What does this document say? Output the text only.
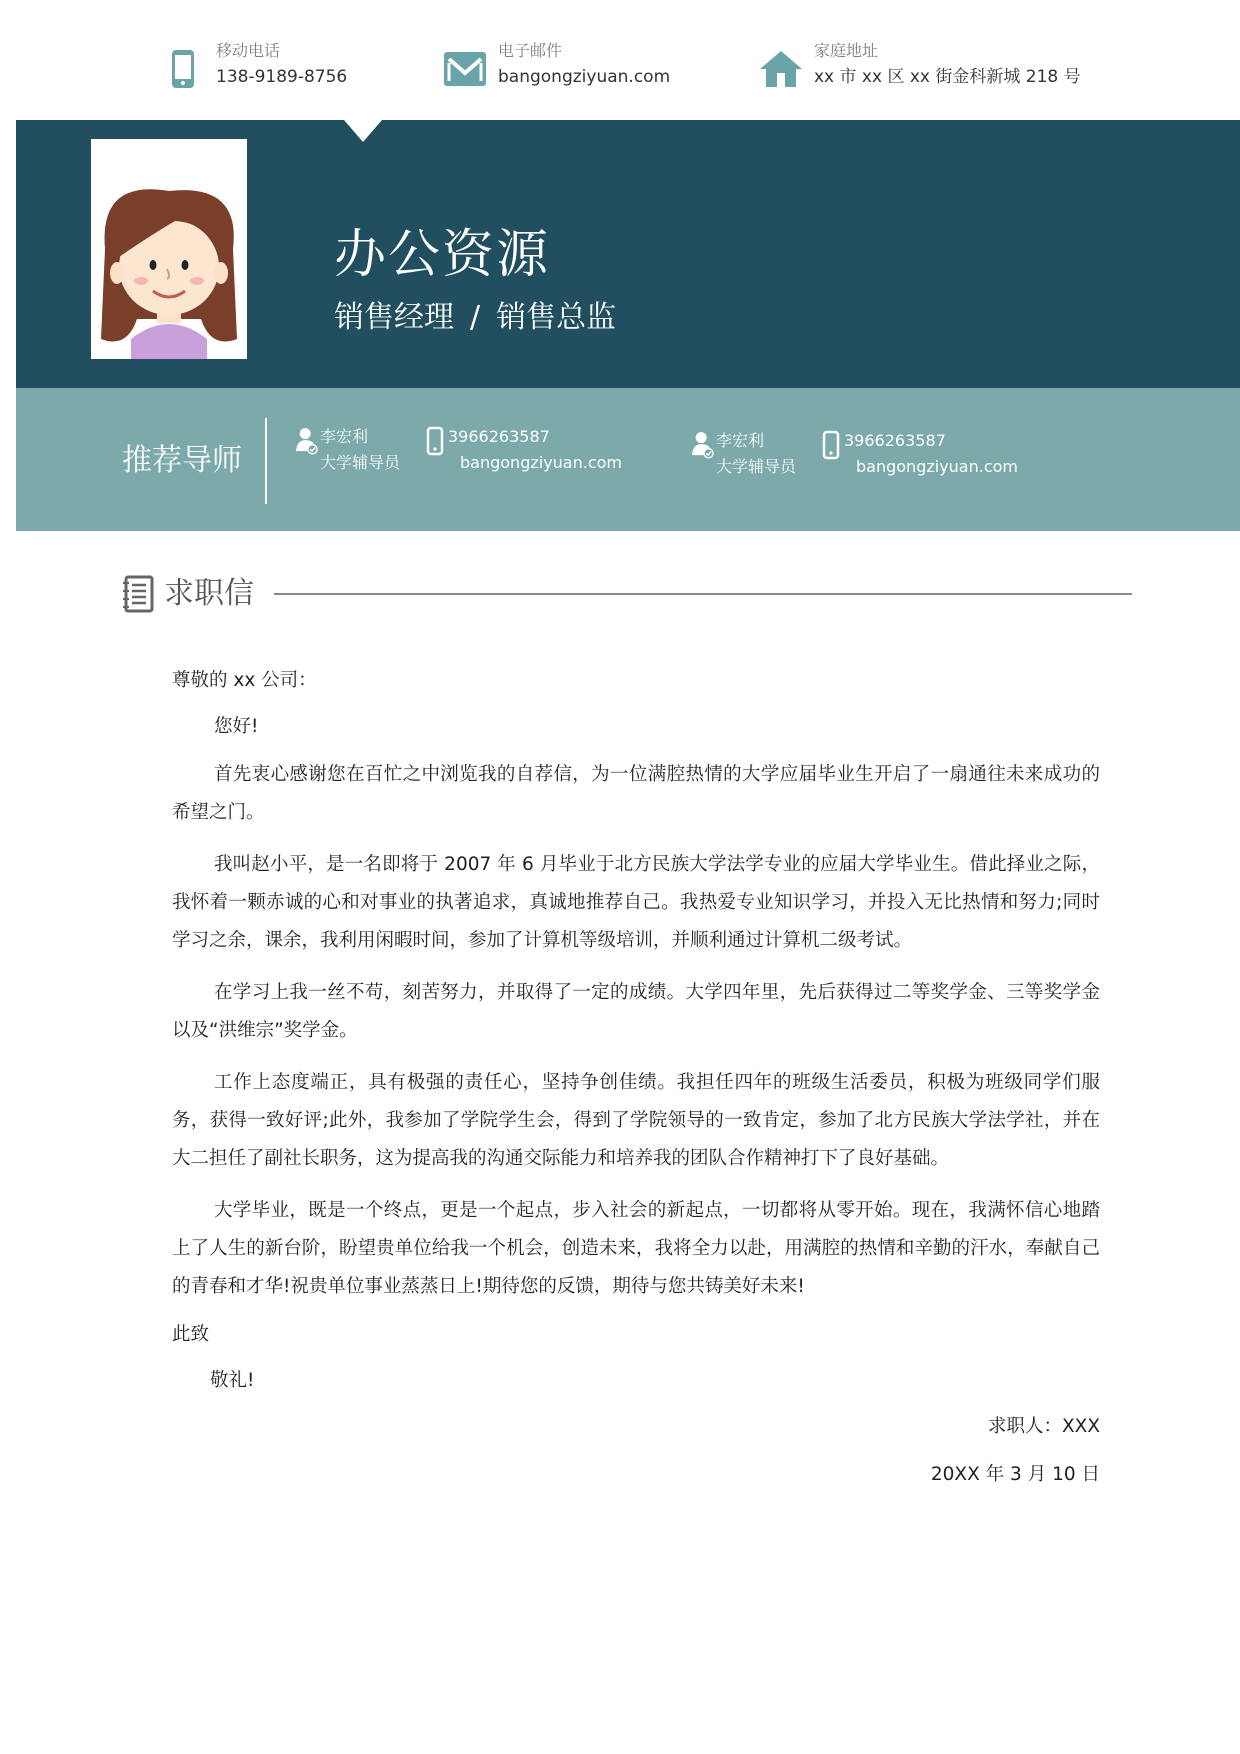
移动电话
138-9189-8756
电子邮件
bangongziyuan.com
家庭地址
xx 市 xx 区 xx 街金科新城 218 号
办公资源
销售经理 / 销售总监
推荐导师
李宏利
大学辅导员
3966263587
bangongziyuan.com
李宏利
大学辅导员
3966263587
bangongziyuan.com
求职信
尊敬的 xx 公司：
您好!
首先衷心感谢您在百忙之中浏览我的自荐信，为一位满腔热情的大学应届毕业生开启了一扇通往未来成功的希望之门。
我叫赵小平，是一名即将于 2007 年 6 月毕业于北方民族大学法学专业的应届大学毕业生。借此择业之际，我怀着一颗赤诚的心和对事业的执著追求，真诚地推荐自己。我热爱专业知识学习，并投入无比热情和努力;同时学习之余，课余，我利用闲暇时间，参加了计算机等级培训，并顺利通过计算机二级考试。
在学习上我一丝不苟，刻苦努力，并取得了一定的成绩。大学四年里，先后获得过二等奖学金、三等奖学金以及“洪维宗”奖学金。
工作上态度端正，具有极强的责任心，坚持争创佳绩。我担任四年的班级生活委员，积极为班级同学们服务，获得一致好评;此外，我参加了学院学生会，得到了学院领导的一致肯定，参加了北方民族大学法学社，并在大二担任了副社长职务，这为提高我的沟通交际能力和培养我的团队合作精神打下了良好基础。
大学毕业，既是一个终点，更是一个起点，步入社会的新起点，一切都将从零开始。现在，我满怀信心地踏上了人生的新台阶，盼望贵单位给我一个机会，创造未来，我将全力以赴，用满腔的热情和辛勤的汗水，奉献自己的青春和才华!祝贵单位事业蒸蒸日上!期待您的反馈，期待与您共铸美好未来!
此致
敬礼!
求职人：XXX
20XX 年 3 月 10 日
